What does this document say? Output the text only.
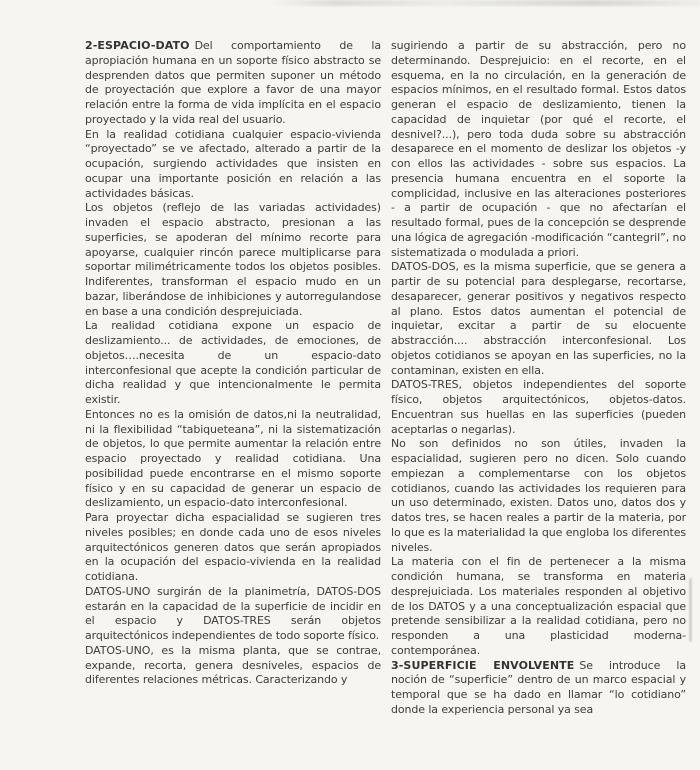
2-ESPACIO-DATO Del comportamiento de la apropiación humana en un soporte físico abstracto se desprenden datos que permiten suponer un método de proyectación que explore a favor de una mayor relación entre la forma de vida implícita en el espacio proyectado y la vida real del usuario.

En la realidad cotidiana cualquier espacio-vivienda “proyectado” se ve afectado, alterado a partir de la ocupación, surgiendo actividades que insisten en ocupar una importante posición en relación a las actividades básicas.

Los objetos (reflejo de las variadas actividades) invaden el espacio abstracto, presionan a las superficies, se apoderan del mínimo recorte para apoyarse, cualquier rincón parece multiplicarse para soportar milimétricamente todos los objetos posibles. Indiferentes, transforman el espacio mudo en un bazar, liberándose de inhibiciones y autorregulandose en base a una condición desprejuiciada.

La realidad cotidiana expone un espacio de deslizamiento... de actividades, de emociones, de objetos….necesita de un espacio-dato interconfesional que acepte la condición particular de dicha realidad y que intencionalmente le permita existir.

Entonces no es la omisión de datos,ni la neutralidad, ni la flexibilidad “tabiqueteana”, ni la sistematización de objetos, lo que permite aumentar la relación entre espacio proyectado y realidad cotidiana. Una posibilidad puede encontrarse en el mismo soporte físico y en su capacidad de generar un espacio de deslizamiento, un espacio-dato interconfesional.

Para proyectar dicha espacialidad se sugieren tres niveles posibles; en donde cada uno de esos niveles arquitectónicos generen datos que serán apropiados en la ocupación del espacio-vivienda en la realidad cotidiana.

DATOS-UNO surgirán de la planimetría, DATOS-DOS estarán en la capacidad de la superficie de incidir en el espacio y DATOS-TRES serán objetos arquitectónicos independientes de todo soporte físico.

DATOS-UNO, es la misma planta, que se contrae, expande, recorta, genera desniveles, espacios de diferentes relaciones métricas. Caracterizando y

sugiriendo a partir de su abstracción, pero no determinando. Desprejuicio: en el recorte, en el esquema, en la no circulación, en la generación de espacios mínimos, en el resultado formal. Estos datos generan el espacio de deslizamiento, tienen la capacidad de inquietar (por qué el recorte, el desnivel?...), pero toda duda sobre su abstracción desaparece en el momento de deslizar los objetos -y con ellos las actividades - sobre sus espacios. La presencia humana encuentra en el soporte la complicidad, inclusive en las alteraciones posteriores - a partir de ocupación - que no afectarían el resultado formal, pues de la concepción se desprende una lógica de agregación -modificación “cantegril”, no sistematizada o modulada a priori.

DATOS-DOS, es la misma superficie, que se genera a partir de su potencial para desplegarse, recortarse, desaparecer, generar positivos y negativos respecto al plano. Estos datos aumentan el potencial de inquietar, excitar a partir de su elocuente abstracción.... abstracción interconfesional. Los objetos cotidianos se apoyan en las superficies, no la contaminan, existen en ella.

DATOS-TRES, objetos independientes del soporte físico, objetos arquitectónicos, objetos-datos. Encuentran sus huellas en las superficies (pueden aceptarlas o negarlas).

No son definidos no son útiles, invaden la espacialidad, sugieren pero no dicen. Solo cuando empiezan a complementarse con los objetos cotidianos, cuando las actividades los requieren para un uso determinado, existen. Datos uno, datos dos y datos tres, se hacen reales a partir de la materia, por lo que es la materialidad la que engloba los diferentes niveles.

La materia con el fin de pertenecer a la misma condición humana, se transforma en materia desprejuiciada. Los materiales responden al objetivo de los DATOS y a una conceptualización espacial que pretende sensibilizar a la realidad cotidiana, pero no responden a una plasticidad moderna-contemporánea.

3-SUPERFICIE ENVOLVENTE Se introduce la noción de “superficie” dentro de un marco espacial y temporal que se ha dado en llamar “lo cotidiano” donde la experiencia personal ya sea
